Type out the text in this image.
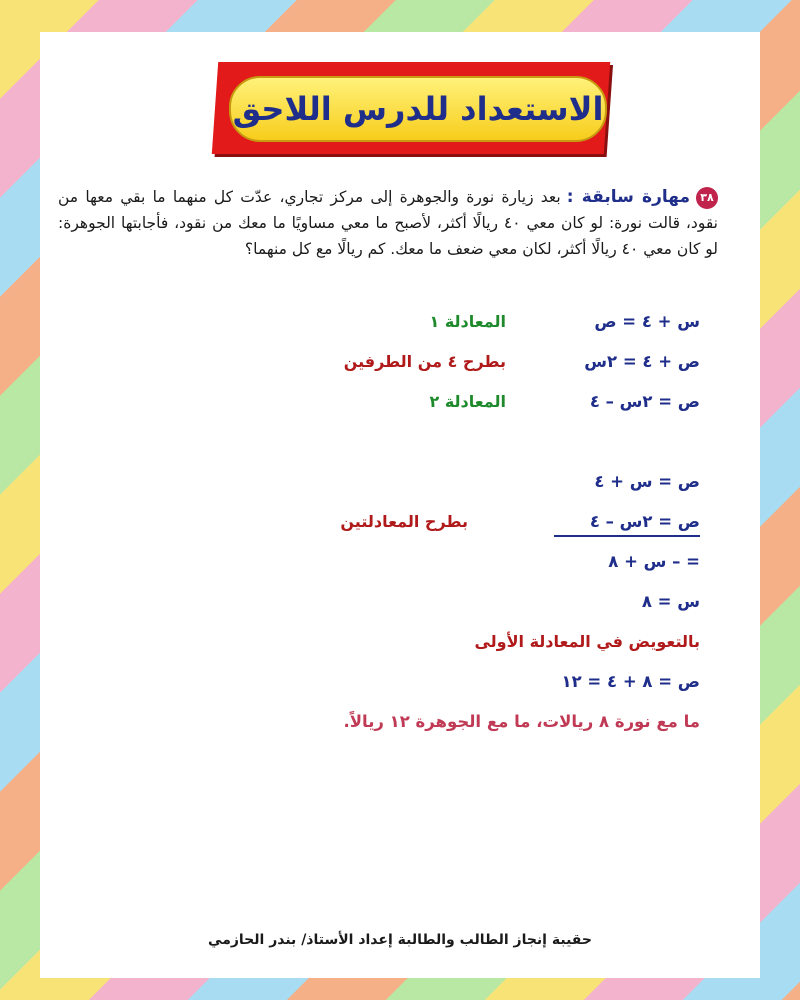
الاستعداد للدرس اللاحق
٣٨مهارة سابقة :بعد زيارة نورة والجوهرة إلى مركز تجاري، عدّت كل منهما ما بقي معها من نقود، قالت نورة: لو كان معي ٤٠ ريالًا أكثر، لأصبح ما معي مساويًا ما معك من نقود، فأجابتها الجوهرة: لو كان معي ٤٠ ريالًا أكثر، لكان معي ضعف ما معك. كم ريالًا مع كل منهما؟
س + ٤ = ص
المعادلة ١
ص + ٤ = ٢س
بطرح ٤ من الطرفين
ص = ٢س – ٤
المعادلة ٢
ص = س + ٤
ص = ٢س – ٤
بطرح المعادلتين
= – س + ٨
س = ٨
بالتعويض في المعادلة الأولى
ص = ٨ + ٤ = ١٢
ما مع نورة ٨ ريالات، ما مع الجوهرة ١٢ ريالاً.
حقيبة إنجاز الطالب والطالبة إعداد الأستاذ/ بندر الحازمي
